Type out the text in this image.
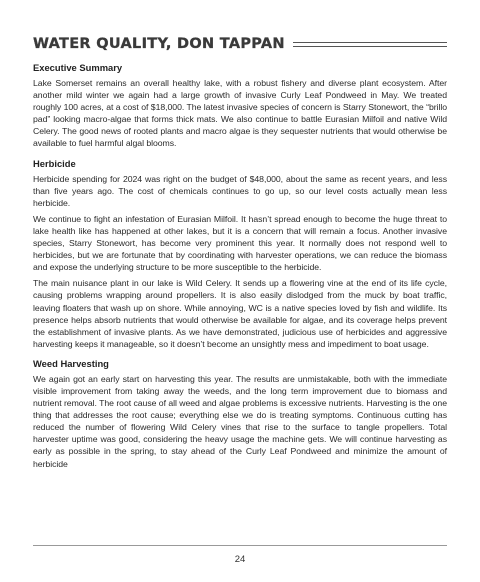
WATER QUALITY, DON TAPPAN
Executive Summary

Lake Somerset remains an overall healthy lake, with a robust fishery and diverse plant ecosystem. After another mild winter we again had a large growth of invasive Curly Leaf Pondweed in May. We treated roughly 100 acres, at a cost of $18,000. The latest invasive species of concern is Starry Stonewort, the “brillo pad” looking macro-algae that forms thick mats. We also continue to battle Eurasian Milfoil and native Wild Celery. The good news of rooted plants and macro algae is they sequester nutrients that would otherwise be available to fuel harmful algal blooms.

Herbicide

Herbicide spending for 2024 was right on the budget of $48,000, about the same as recent years, and less than five years ago. The cost of chemicals continues to go up, so our level costs actually mean less herbicide.

We continue to fight an infestation of Eurasian Milfoil. It hasn’t spread enough to become the huge threat to lake health like has happened at other lakes, but it is a concern that will remain a focus. Another invasive species, Starry Stonewort, has become very prominent this year. It normally does not respond well to herbicides, but we are fortunate that by coordinating with harvester operations, we can reduce the biomass and expose the underlying structure to be more susceptible to the herbicide.

The main nuisance plant in our lake is Wild Celery. It sends up a flowering vine at the end of its life cycle, causing problems wrapping around propellers. It is also easily dislodged from the muck by boat traffic, leaving floaters that wash up on shore. While annoying, WC is a native species loved by fish and wildlife. Its presence helps absorb nutrients that would otherwise be available for algae, and its coverage helps prevent the establishment of invasive plants. As we have demonstrated, judicious use of herbicides and aggressive harvesting keeps it manageable, so it doesn’t become an unsightly mess and impediment to boat usage.

Weed Harvesting

We again got an early start on harvesting this year. The results are unmistakable, both with the immediate visible improvement from taking away the weeds, and the long term improvement due to biomass and nutrient removal. The root cause of all weed and algae problems is excessive nutrients. Harvesting is the one thing that addresses the root cause; everything else we do is treating symptoms. Continuous cutting has reduced the number of flowering Wild Celery vines that rise to the surface to tangle propellers. Total harvester uptime was good, considering the heavy usage the machine gets. We will continue harvesting as early as possible in the spring, to stay ahead of the Curly Leaf Pondweed and minimize the amount of herbicide

24
